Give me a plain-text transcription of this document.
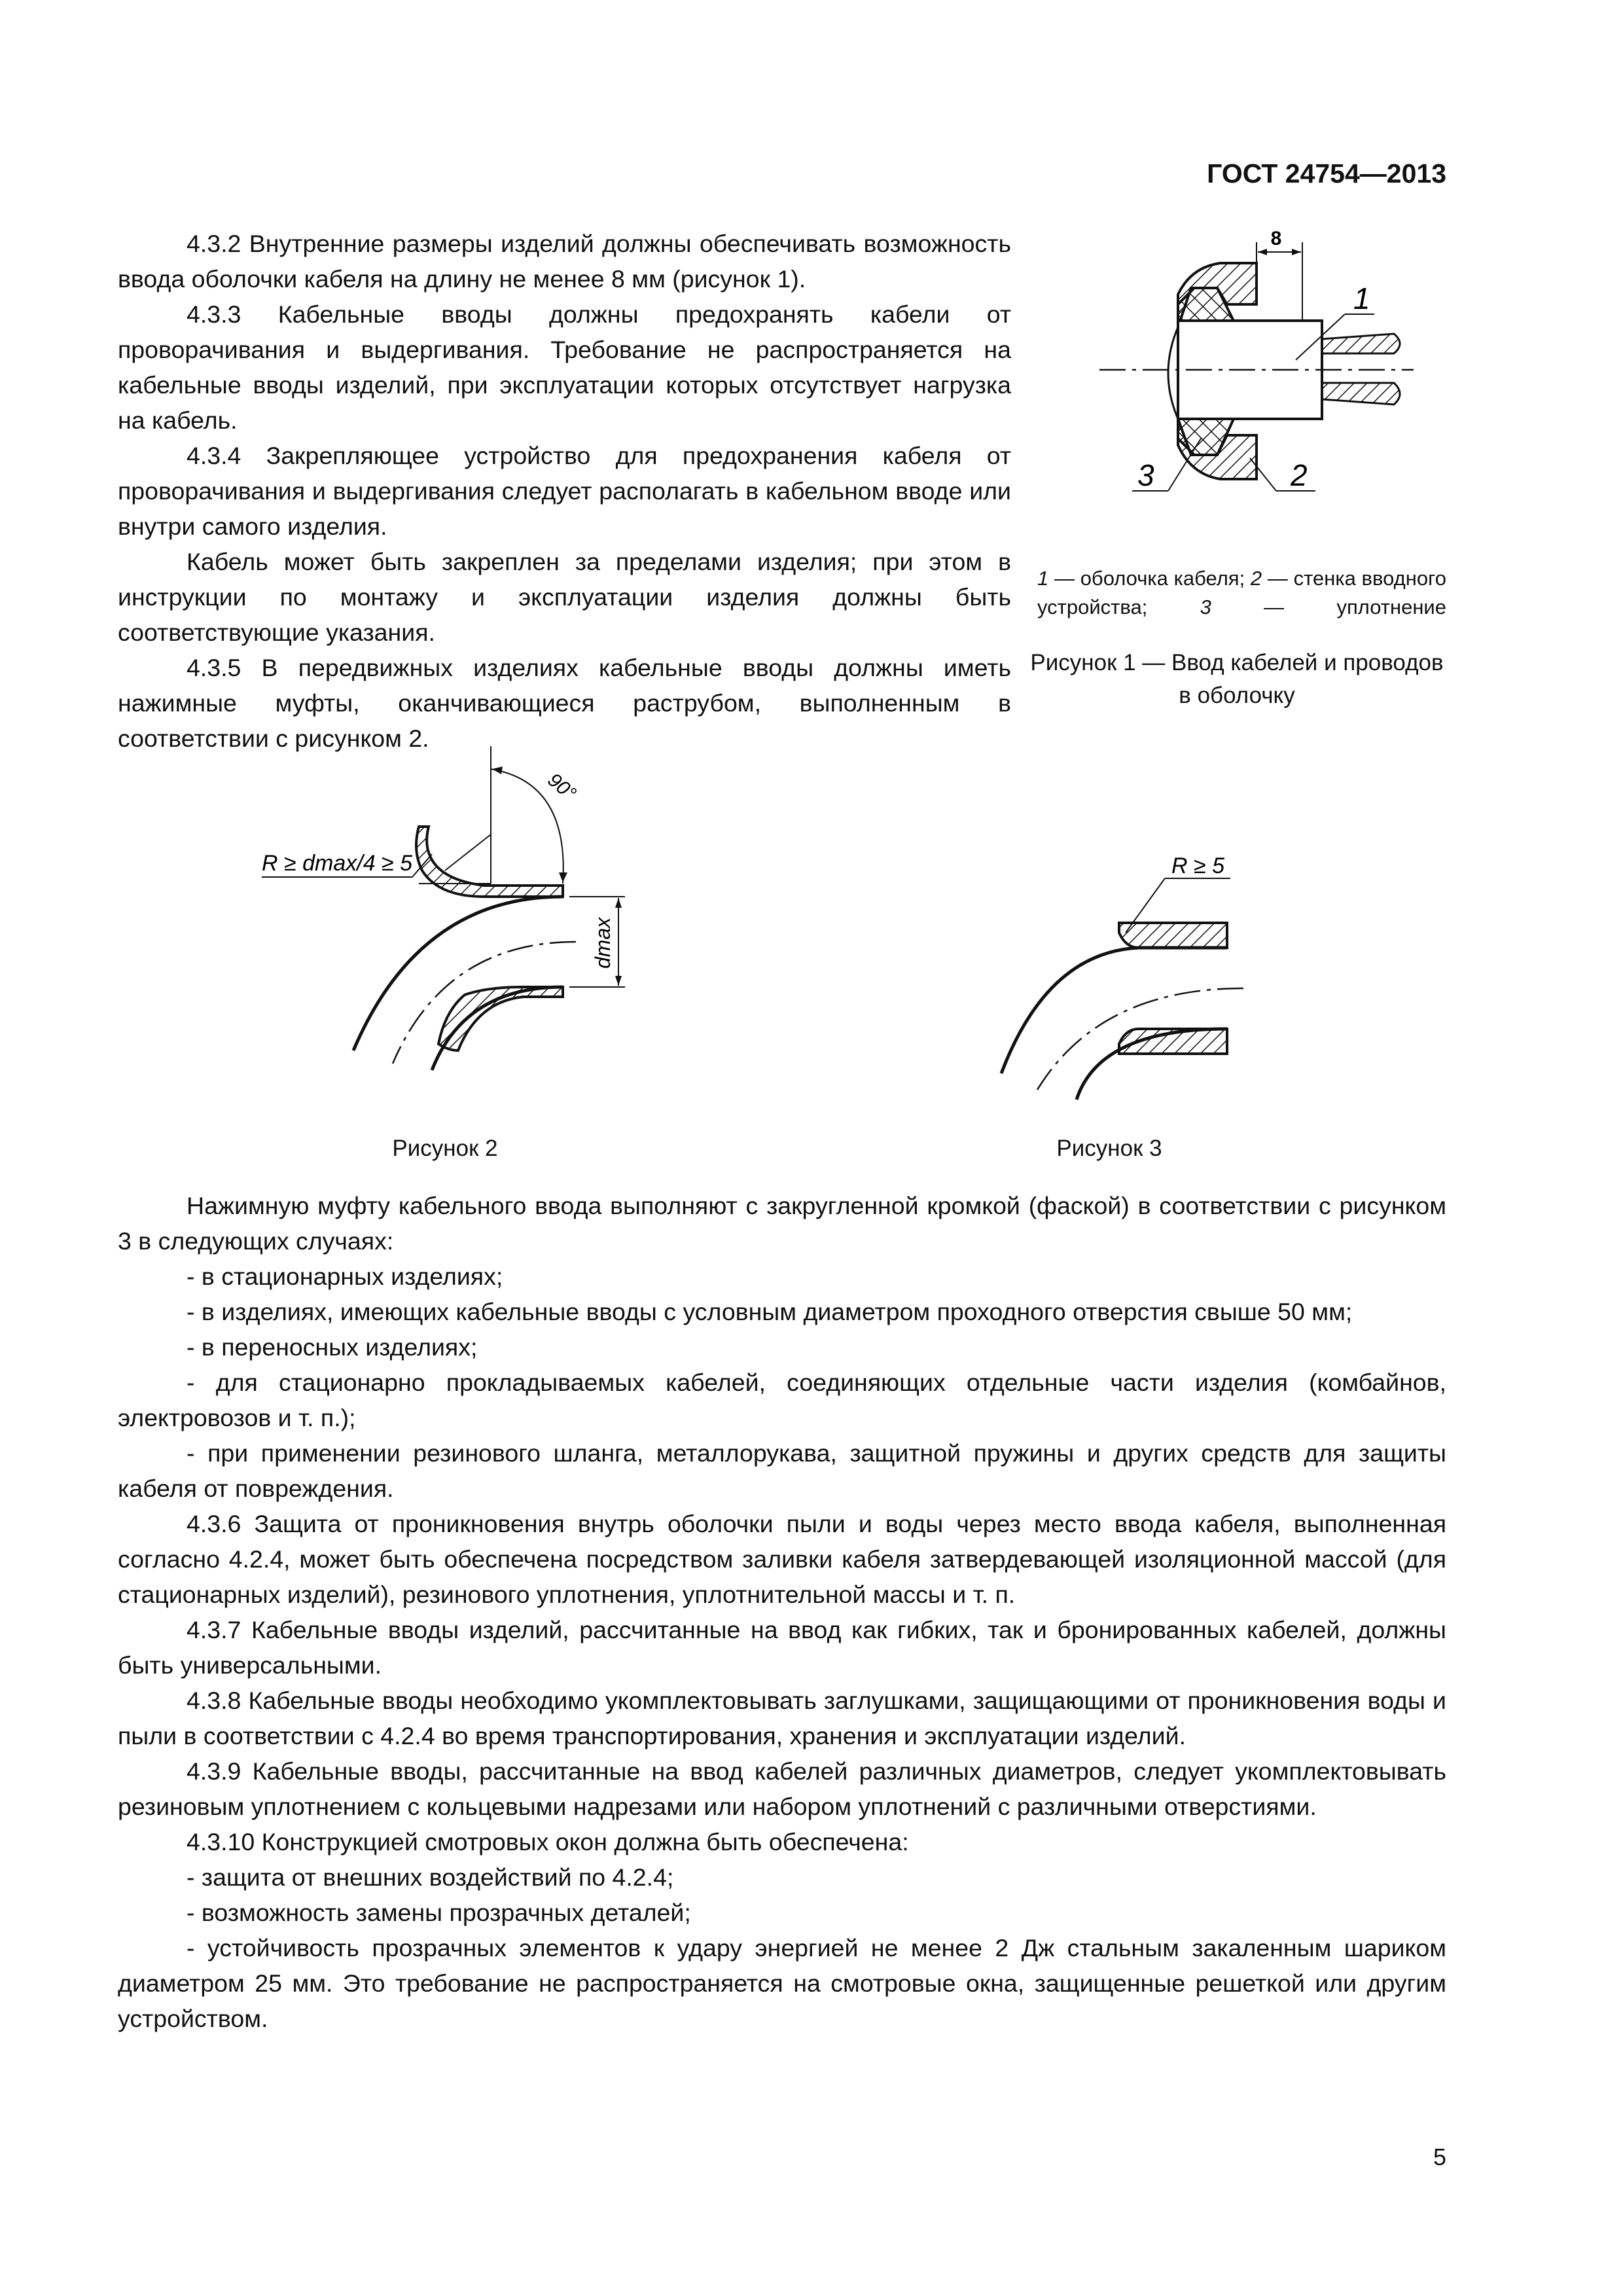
ГОСТ 24754—2013

4.3.2 Внутренние размеры изделий должны обеспечивать возможность ввода оболочки кабеля на длину не менее 8 мм (рисунок 1).

4.3.3 Кабельные вводы должны предохранять кабели от проворачивания и выдергивания. Требование не распространяется на кабельные вводы изделий, при эксплуатации которых отсутствует нагрузка на кабель.

4.3.4 Закрепляющее устройство для предохранения кабеля от проворачивания и выдергивания следует располагать в кабельном вводе или внутри самого изделия.

Кабель может быть закреплен за пределами изделия; при этом в инструкции по монтажу и эксплуатации изделия должны быть соответствующие указания.

4.3.5 В передвижных изделиях кабельные вводы должны иметь нажимные муфты, оканчивающиеся раструбом, выполненным в соответствии с рисунком 2.

8
1
2
3
1 — оболочка кабеля; 2 — стенка вводного устройства; 3 — уплотнение
Рисунок 1 — Ввод кабелей и проводов в оболочку
90°
R ≥ dmax/4 ≥ 5
dmax
Рисунок 2
R ≥ 5
Рисунок 3

Нажимную муфту кабельного ввода выполняют с закругленной кромкой (фаской) в соответствии с рисунком 3 в следующих случаях:

- в стационарных изделиях;

- в изделиях, имеющих кабельные вводы с условным диаметром проходного отверстия свыше 50 мм;

- в переносных изделиях;

- для стационарно прокладываемых кабелей, соединяющих отдельные части изделия (комбайнов, электровозов и т. п.);

- при применении резинового шланга, металлорукава, защитной пружины и других средств для защиты кабеля от повреждения.

4.3.6 Защита от проникновения внутрь оболочки пыли и воды через место ввода кабеля, выполненная согласно 4.2.4, может быть обеспечена посредством заливки кабеля затвердевающей изоляционной массой (для стационарных изделий), резинового уплотнения, уплотнительной массы и т. п.

4.3.7 Кабельные вводы изделий, рассчитанные на ввод как гибких, так и бронированных кабелей, должны быть универсальными.

4.3.8 Кабельные вводы необходимо укомплектовывать заглушками, защищающими от проникновения воды и пыли в соответствии с 4.2.4 во время транспортирования, хранения и эксплуатации изделий.

4.3.9 Кабельные вводы, рассчитанные на ввод кабелей различных диаметров, следует укомплектовывать резиновым уплотнением с кольцевыми надрезами или набором уплотнений с различными отверстиями.

4.3.10 Конструкцией смотровых окон должна быть обеспечена:

- защита от внешних воздействий по 4.2.4;

- возможность замены прозрачных деталей;

- устойчивость прозрачных элементов к удару энергией не менее 2 Дж стальным закаленным шариком диаметром 25 мм. Это требование не распространяется на смотровые окна, защищенные решеткой или другим устройством.

5
